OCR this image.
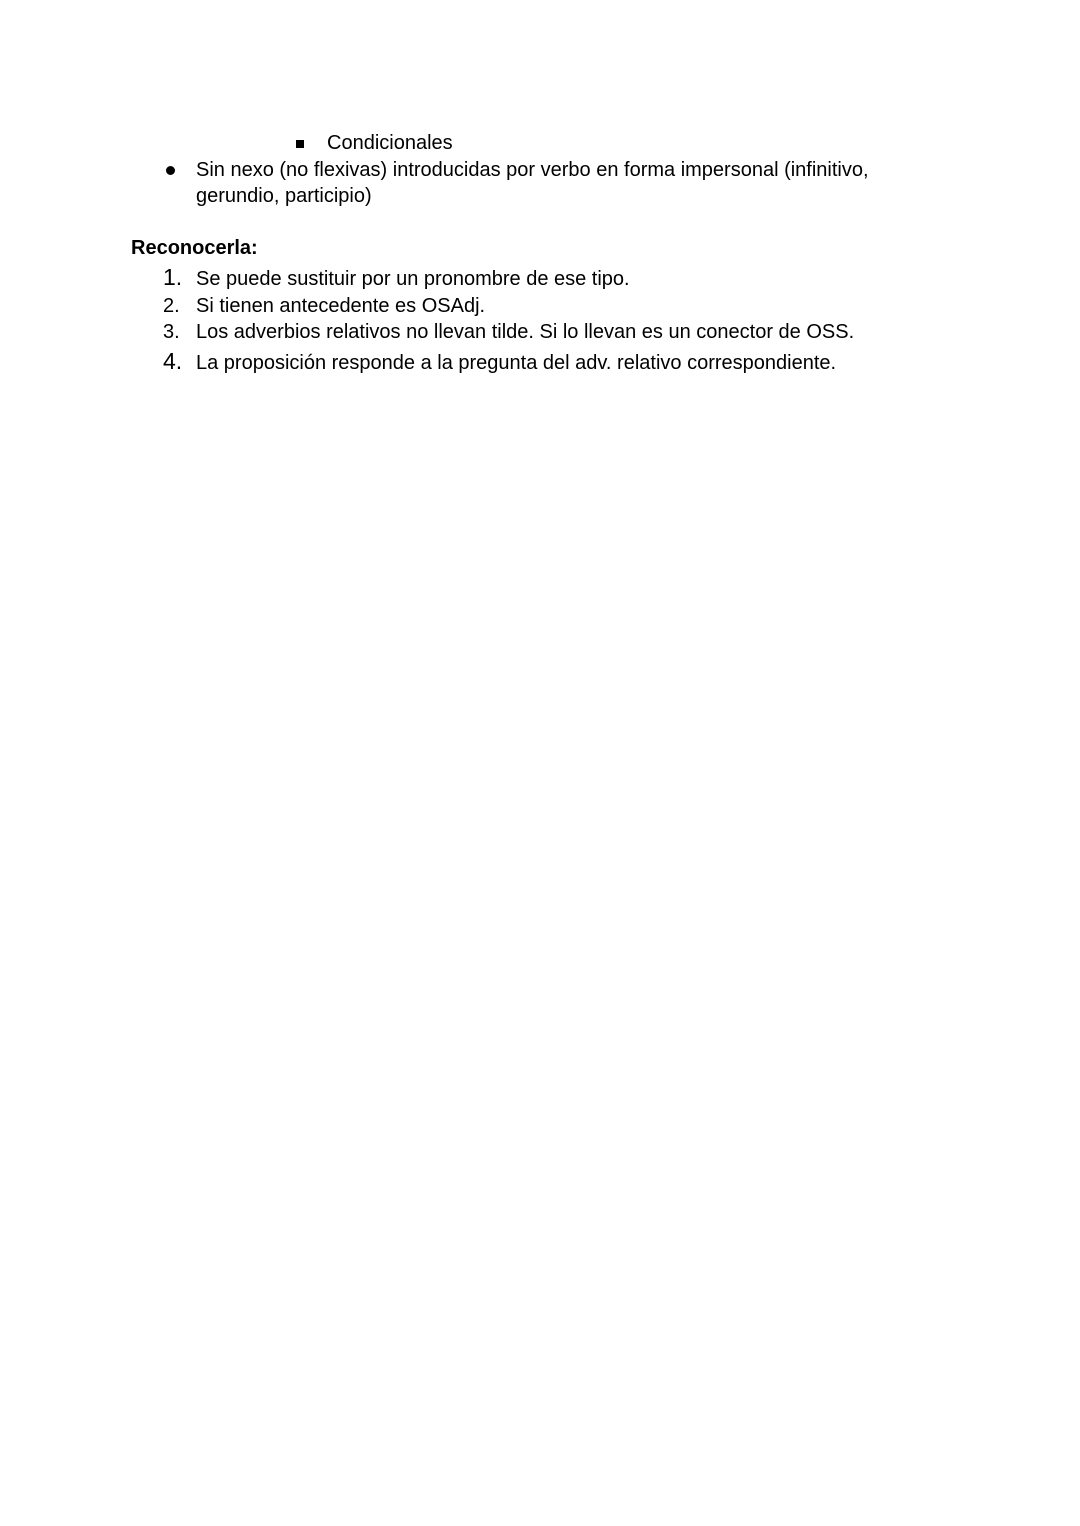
Condicionales
Sin nexo (no flexivas) introducidas por verbo en forma impersonal (infinitivo,
gerundio, participio)
Reconocerla:
1. Se puede sustituir por un pronombre de ese tipo.
2. Si tienen antecedente es OSAdj.
3. Los adverbios relativos no llevan tilde. Si lo llevan es un conector de OSS.
4. La proposición responde a la pregunta del adv. relativo correspondiente.
